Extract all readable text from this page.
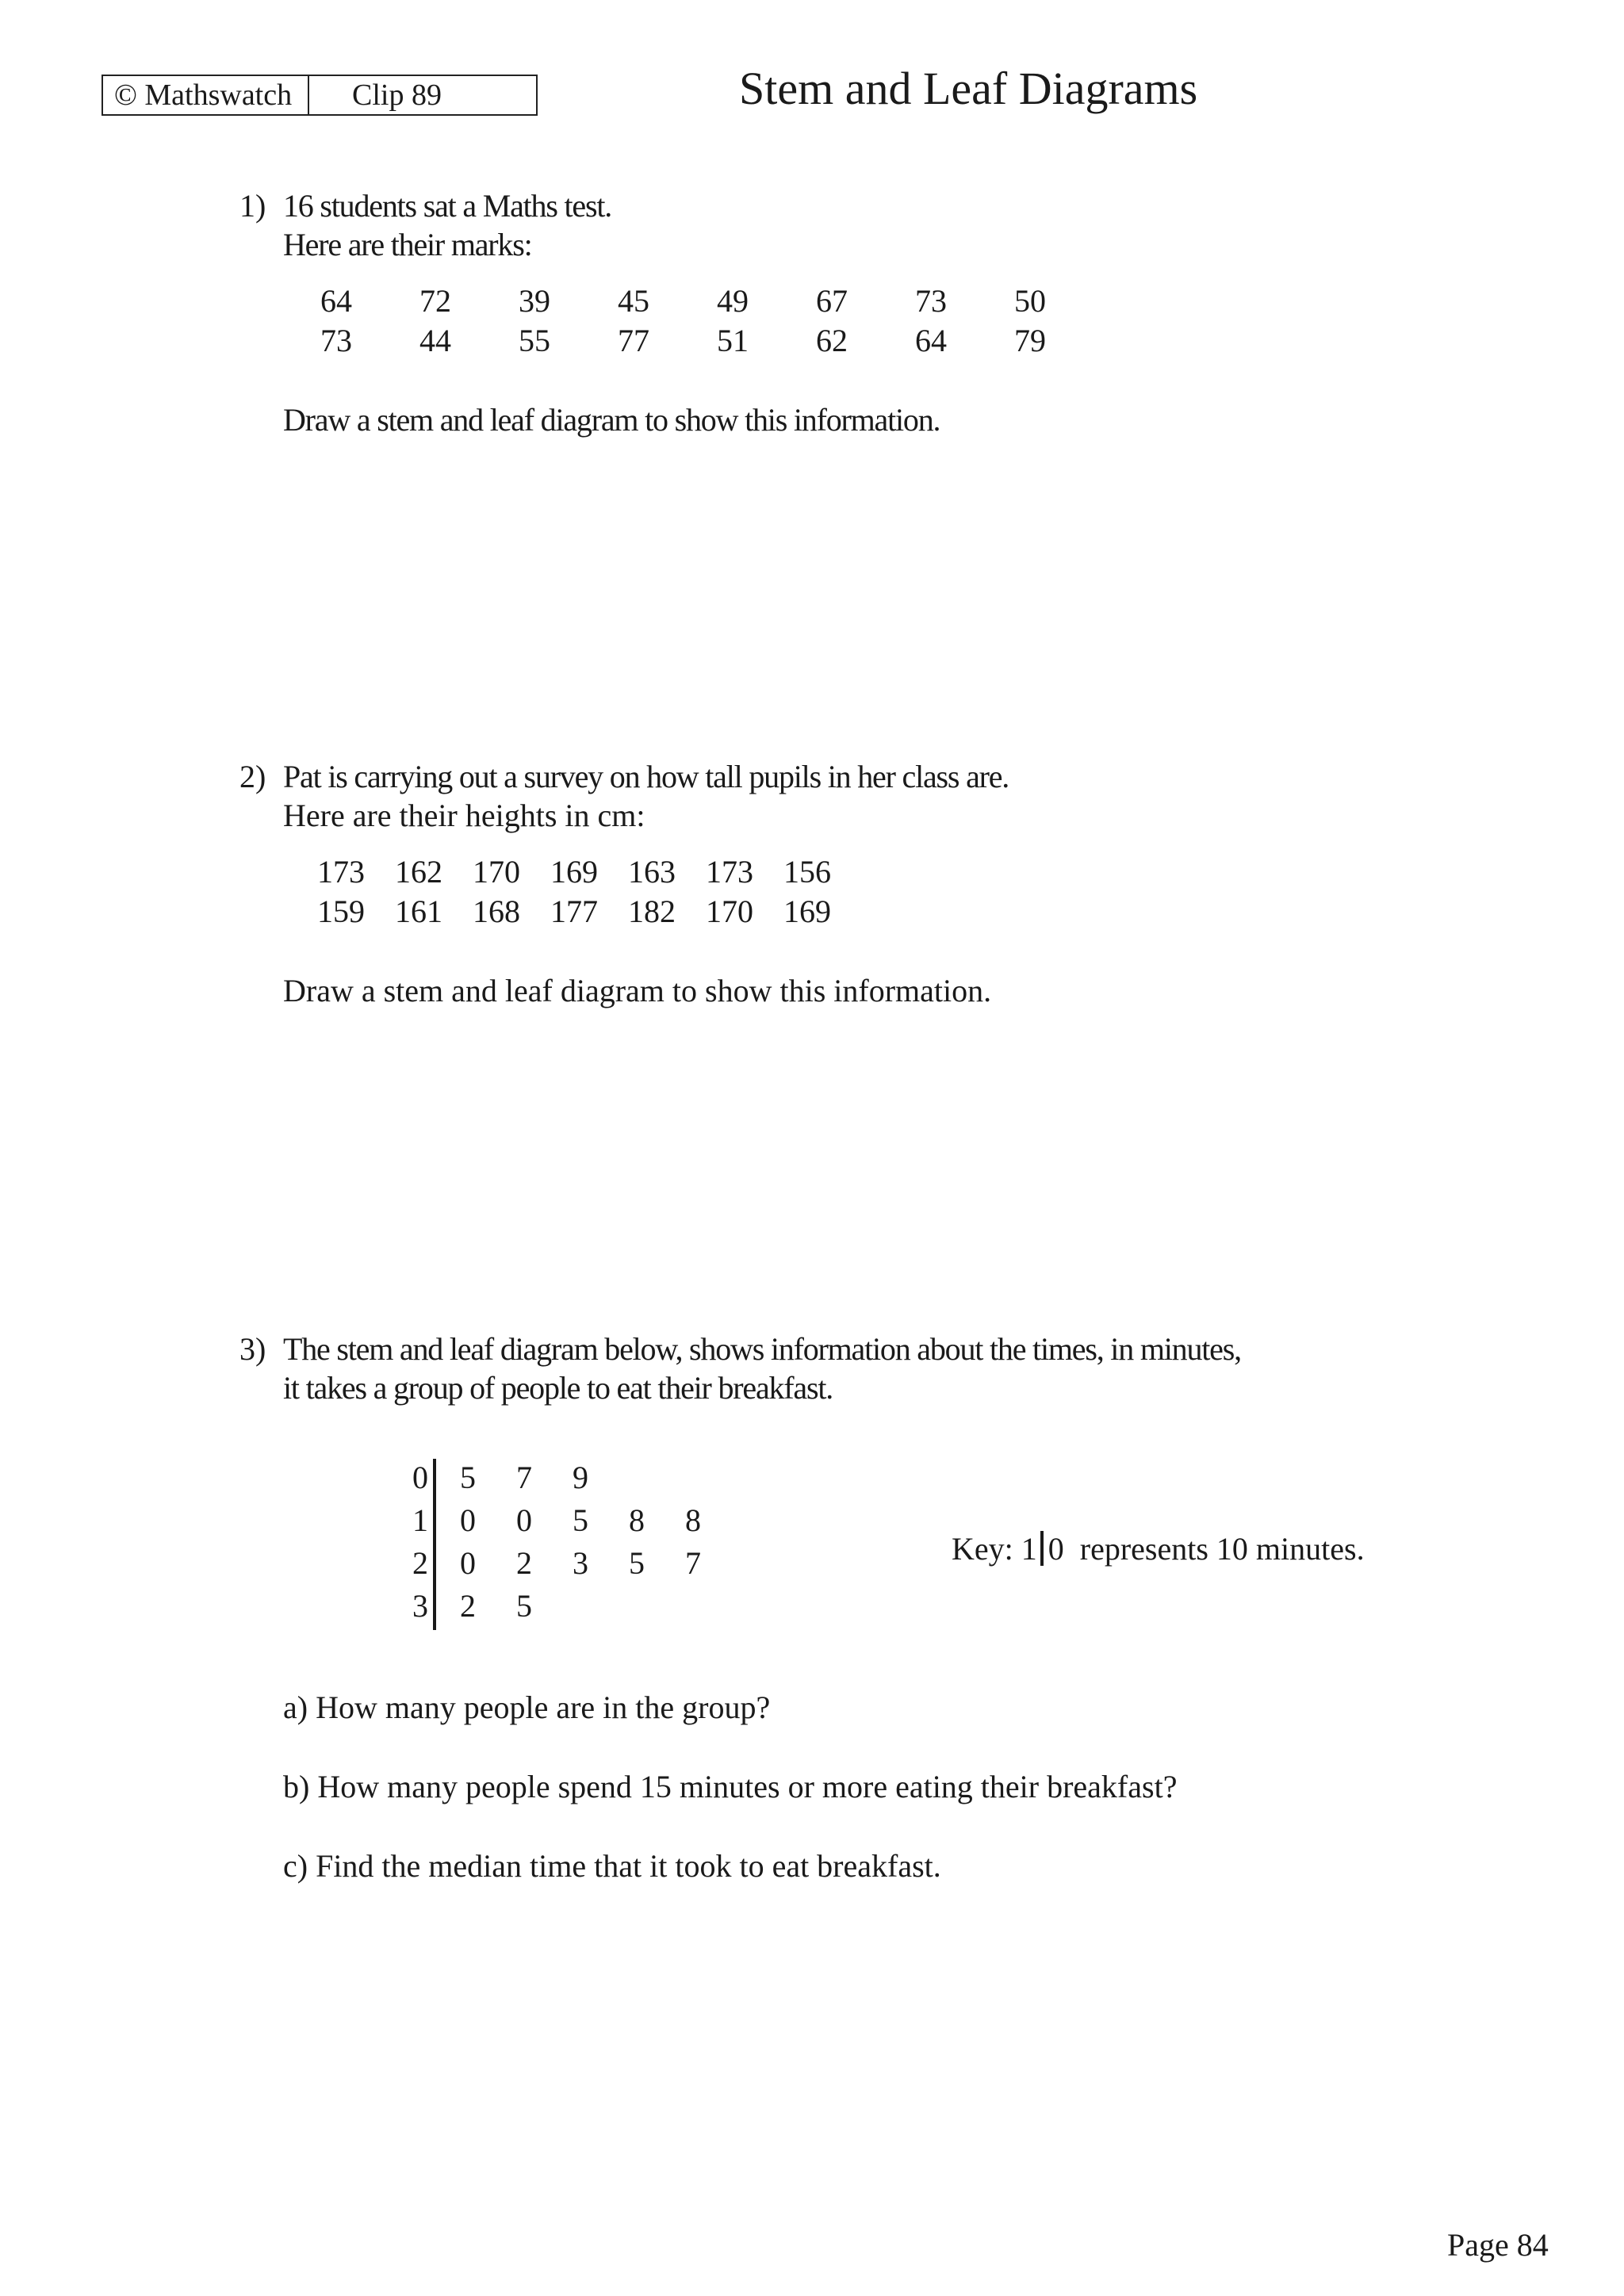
© Mathswatch	Clip 89	Stem and Leaf Diagrams
1) 16 students sat a Maths test.
Here are their marks:
64	72	39	45	49	67	73	50
73	44	55	77	51	62	64	79
Draw a stem and leaf diagram to show this information.
2) Pat is carrying out a survey on how tall pupils in her class are.
Here are their heights in cm:
173 162 170 169 163 173 156
159 161 168 177 182 170 169
Draw a stem and leaf diagram to show this information.
3) The stem and leaf diagram below, shows information about the times, in minutes,
it takes a group of people to eat their breakfast.
0 5 7 9
1 0 0 5 8 8
2 0 2 3 5 7
3 2 5
Key: 1 0  represents 10 minutes.
a) How many people are in the group?
b) How many people spend 15 minutes or more eating their breakfast?
c) Find the median time that it took to eat breakfast.
Page 84
